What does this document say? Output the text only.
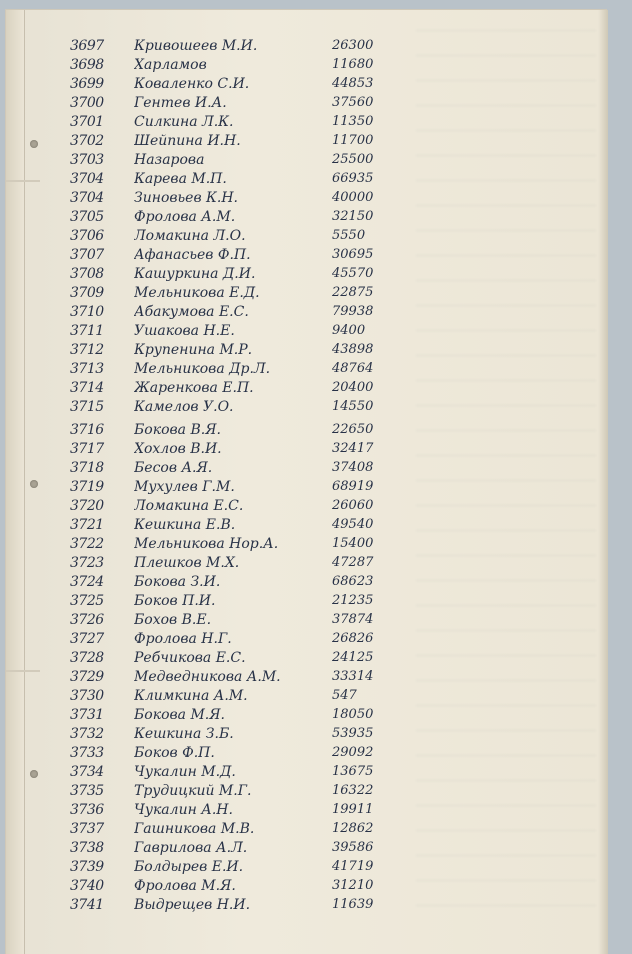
3697	Кривошеев М.И.	26300
3698	Харламов	11680
3699	Коваленко С.И.	44853
3700	Гентев И.А.	37560
3701	Силкина Л.К.	11350
3702	Шейпина И.Н.	11700
3703	Назарова	25500
3704	Карева М.П.	66935
3704	Зиновьев К.Н.	40000
3705	Фролова А.М.	32150
3706	Ломакина Л.О.	5550
3707	Афанасьев Ф.П.	30695
3708	Кашуркина Д.И.	45570
3709	Мельникова Е.Д.	22875
3710	Абакумова Е.С.	79938
3711	Ушакова Н.Е.	9400
3712	Крупенина М.Р.	43898
3713	Мельникова Др.Л.	48764
3714	Жаренкова Е.П.	20400
3715	Камелов У.О.	14550
3716	Бокова В.Я.	22650
3717	Хохлов В.И.	32417
3718	Бесов А.Я.	37408
3719	Мухулев Г.М.	68919
3720	Ломакина Е.С.	26060
3721	Кешкина Е.В.	49540
3722	Мельникова Нор.А.	15400
3723	Плешков М.Х.	47287
3724	Бокова З.И.	68623
3725	Боков П.И.	21235
3726	Бохов В.Е.	37874
3727	Фролова Н.Г.	26826
3728	Ребчикова Е.С.	24125
3729	Медведникова А.М.	33314
3730	Климкина А.М.	547
3731	Бокова М.Я.	18050
3732	Кешкина З.Б.	53935
3733	Боков Ф.П.	29092
3734	Чукалин М.Д.	13675
3735	Трудицкий М.Г.	16322
3736	Чукалин А.Н.	19911
3737	Гашникова М.В.	12862
3738	Гаврилова А.Л.	39586
3739	Болдырев Е.И.	41719
3740	Фролова М.Я.	31210
3741	Выдрещев Н.И.	11639
